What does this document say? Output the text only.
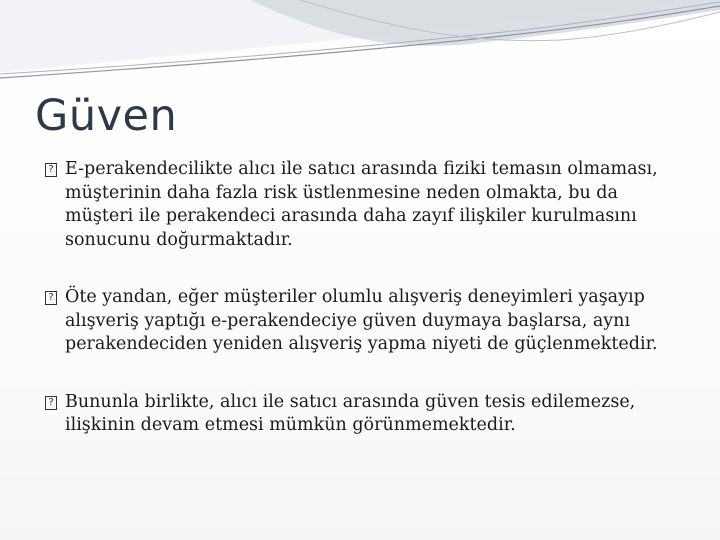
Güven
? E-perakendecilikte alıcı ile satıcı arasında fiziki temasın olmaması, müşterinin daha fazla risk üstlenmesine neden olmakta, bu da müşteri ile perakendeci arasında daha zayıf ilişkiler kurulmasını sonucunu doğurmaktadır.
? Öte yandan, eğer müşteriler olumlu alışveriş deneyimleri yaşayıp alışveriş yaptığı e-perakendeciye güven duymaya başlarsa, aynı perakendeciden yeniden alışveriş yapma niyeti de güçlenmektedir.
? Bununla birlikte, alıcı ile satıcı arasında güven tesis edilemezse, ilişkinin devam etmesi mümkün görünmemektedir.
